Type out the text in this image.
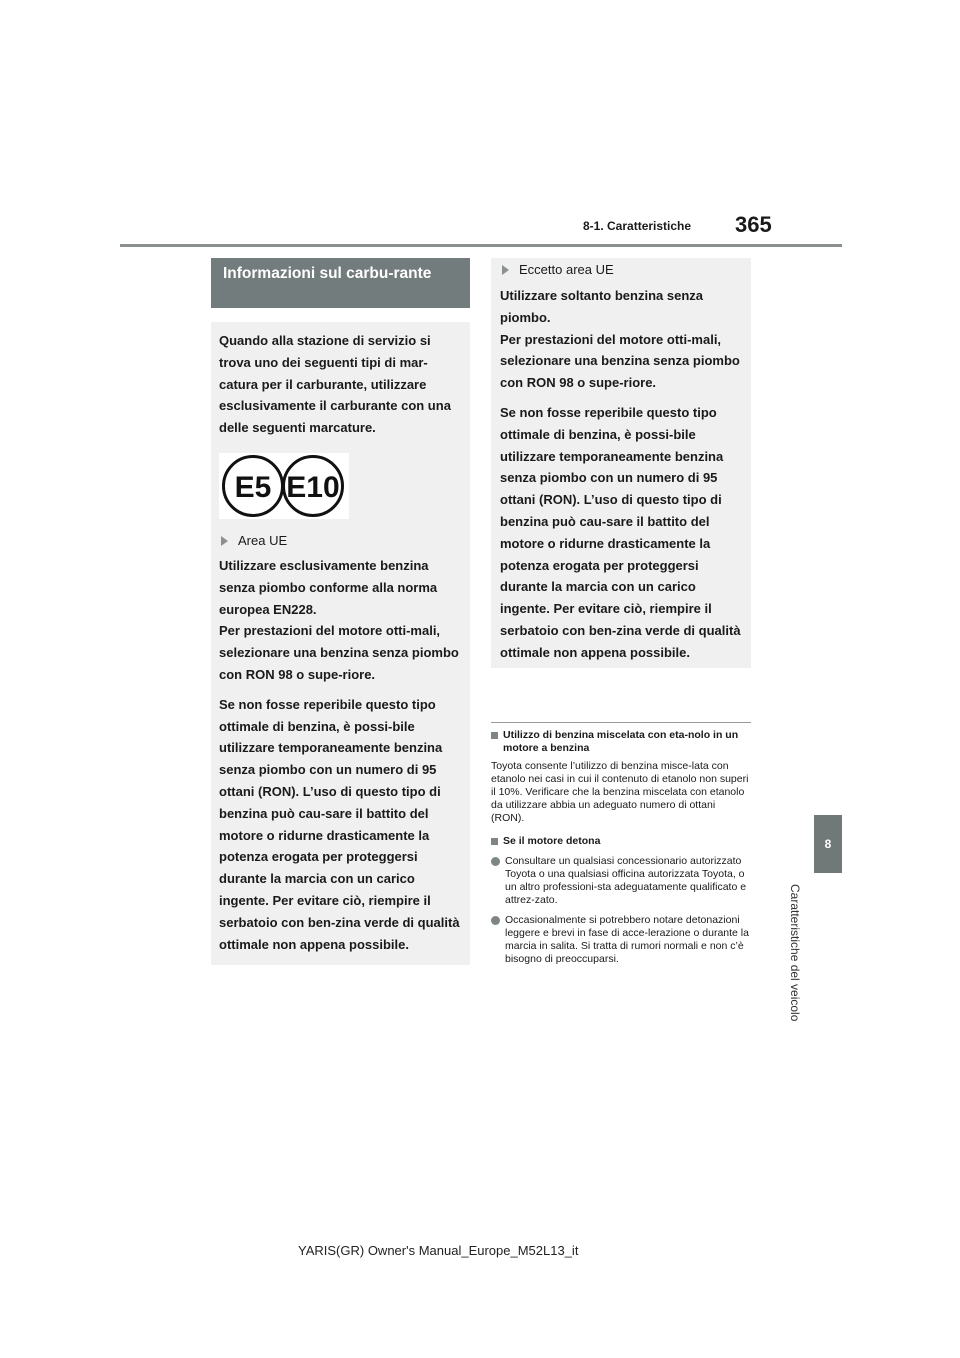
8-1. Caratteristiche 365
8
Caratteristiche del veicolo
Informazioni sul carbu-rante

Quando alla stazione di servizio si trova uno dei seguenti tipi di mar-catura per il carburante, utilizzare esclusivamente il carburante con una delle seguenti marcature.

E5 E10
Area UE

Utilizzare esclusivamente benzina senza piombo conforme alla norma europea EN228.

Per prestazioni del motore otti-mali, selezionare una benzina senza piombo con RON 98 o supe-riore.

Se non fosse reperibile questo tipo ottimale di benzina, è possi-bile utilizzare temporaneamente benzina senza piombo con un numero di 95 ottani (RON). L’uso di questo tipo di benzina può cau-sare il battito del motore o ridurne drasticamente la potenza erogata per proteggersi durante la marcia con un carico ingente. Per evitare ciò, riempire il serbatoio con ben-zina verde di qualità ottimale non appena possibile.

Eccetto area UE

Utilizzare soltanto benzina senza piombo.

Per prestazioni del motore otti-mali, selezionare una benzina senza piombo con RON 98 o supe-riore.

Se non fosse reperibile questo tipo ottimale di benzina, è possi-bile utilizzare temporaneamente benzina senza piombo con un numero di 95 ottani (RON). L’uso di questo tipo di benzina può cau-sare il battito del motore o ridurne drasticamente la potenza erogata per proteggersi durante la marcia con un carico ingente. Per evitare ciò, riempire il serbatoio con ben-zina verde di qualità ottimale non appena possibile.

Utilizzo di benzina miscelata con eta-nolo in un motore a benzina

Toyota consente l’utilizzo di benzina misce-lata con etanolo nei casi in cui il contenuto di etanolo non superi il 10%. Verificare che la benzina miscelata con etanolo da utilizzare abbia un adeguato numero di ottani (RON).

Se il motore detona

Consultare un qualsiasi concessionario autorizzato Toyota o una qualsiasi officina autorizzata Toyota, o un altro professioni-sta adeguatamente qualificato e attrez-zato.

Occasionalmente si potrebbero notare detonazioni leggere e brevi in fase di acce-lerazione o durante la marcia in salita. Si tratta di rumori normali e non c’è bisogno di preoccuparsi.

YARIS(GR) Owner's Manual_Europe_M52L13_it
